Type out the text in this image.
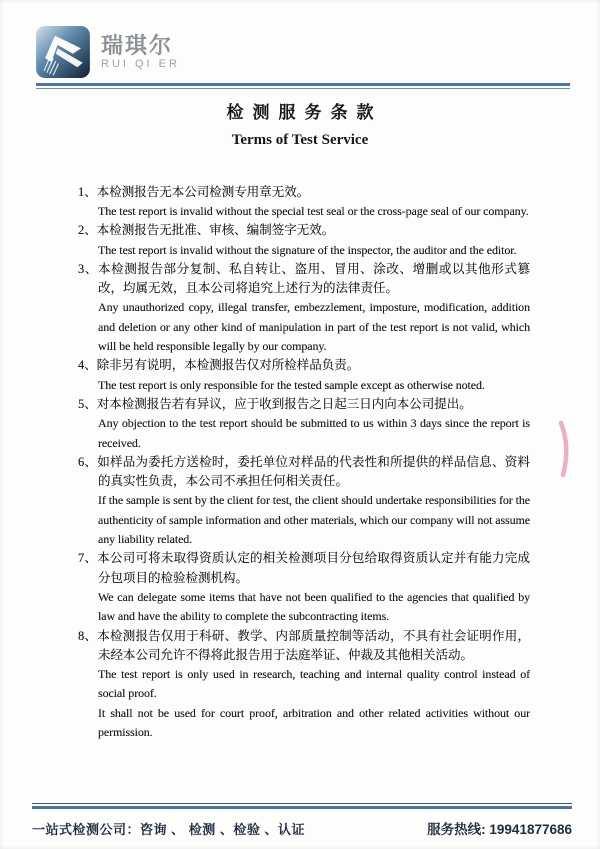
瑞琪尔
RUI QI ER
检测服务条款
Terms of Test Service

1、本检测报告无本公司检测专用章无效。

The test report is invalid without the special test seal or the cross-page seal of our company.

2、本检测报告无批准、审核、编制签字无效。

The test report is invalid without the signature of the inspector, the auditor and the editor.

3、本检测报告部分复制、私自转让、盗用、冒用、涂改、增删或以其他形式篡改，均属无效，且本公司将追究上述行为的法律责任。

Any unauthorized copy, illegal transfer, embezzlement, imposture, modification, addition and deletion or any other kind of manipulation in part of the test report is not valid, which will be held responsible legally by our company.

4、除非另有说明，本检测报告仅对所检样品负责。

The test report is only responsible for the tested sample except as otherwise noted.

5、对本检测报告若有异议，应于收到报告之日起三日内向本公司提出。

Any objection to the test report should be submitted to us within 3 days since the report is received.

6、如样品为委托方送检时，委托单位对样品的代表性和所提供的样品信息、资料的真实性负责，本公司不承担任何相关责任。

If the sample is sent by the client for test, the client should undertake responsibilities for the authenticity of sample information and other materials, which our company will not assume any liability related.

7、本公司可将未取得资质认定的相关检测项目分包给取得资质认定并有能力完成分包项目的检验检测机构。

We can delegate some items that have not been qualified to the agencies that qualified by law and have the ability to complete the subcontracting items.

8、本检测报告仅用于科研、教学、内部质量控制等活动，不具有社会证明作用，未经本公司允许不得将此报告用于法庭举证、仲裁及其他相关活动。

The test report is only used in research, teaching and internal quality control instead of social proof.

It shall not be used for court proof, arbitration and other related activities without our permission.

一站式检测公司：咨询 、 检测 、检验 、认证	服务热线: 19941877686
